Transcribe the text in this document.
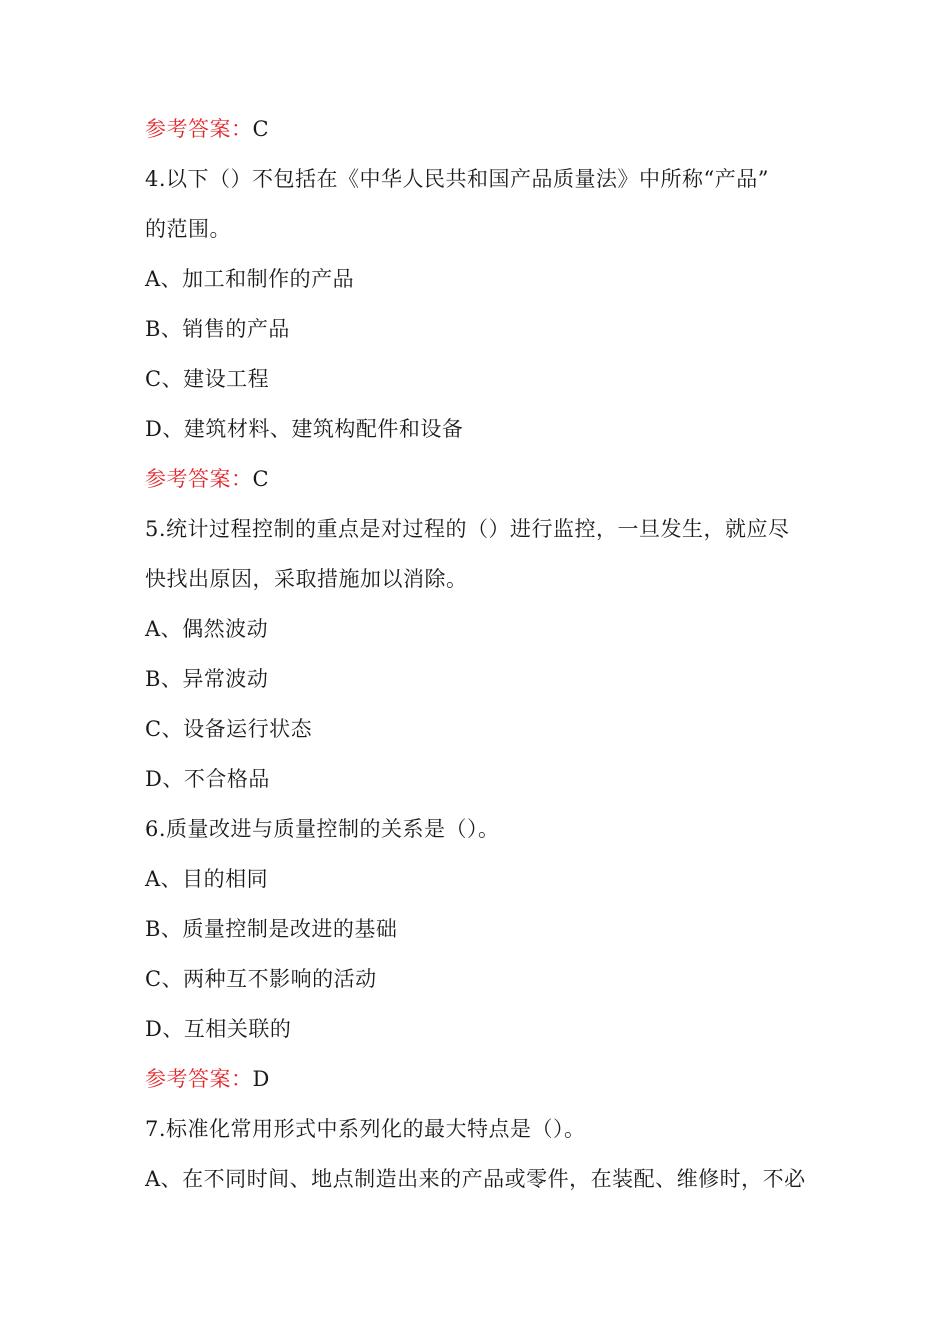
参考答案：C
4.以下（）不包括在《中华人民共和国产品质量法》中所称“产品”
的范围。
A、加工和制作的产品
B、销售的产品
C、建设工程
D、建筑材料、建筑构配件和设备
参考答案：C
5.统计过程控制的重点是对过程的（）进行监控，一旦发生，就应尽
快找出原因，采取措施加以消除。
A、偶然波动
B、异常波动
C、设备运行状态
D、不合格品
6.质量改进与质量控制的关系是（）。
A、目的相同
B、质量控制是改进的基础
C、两种互不影响的活动
D、互相关联的
参考答案：D
7.标准化常用形式中系列化的最大特点是（）。
A、在不同时间、地点制造出来的产品或零件，在装配、维修时，不必
